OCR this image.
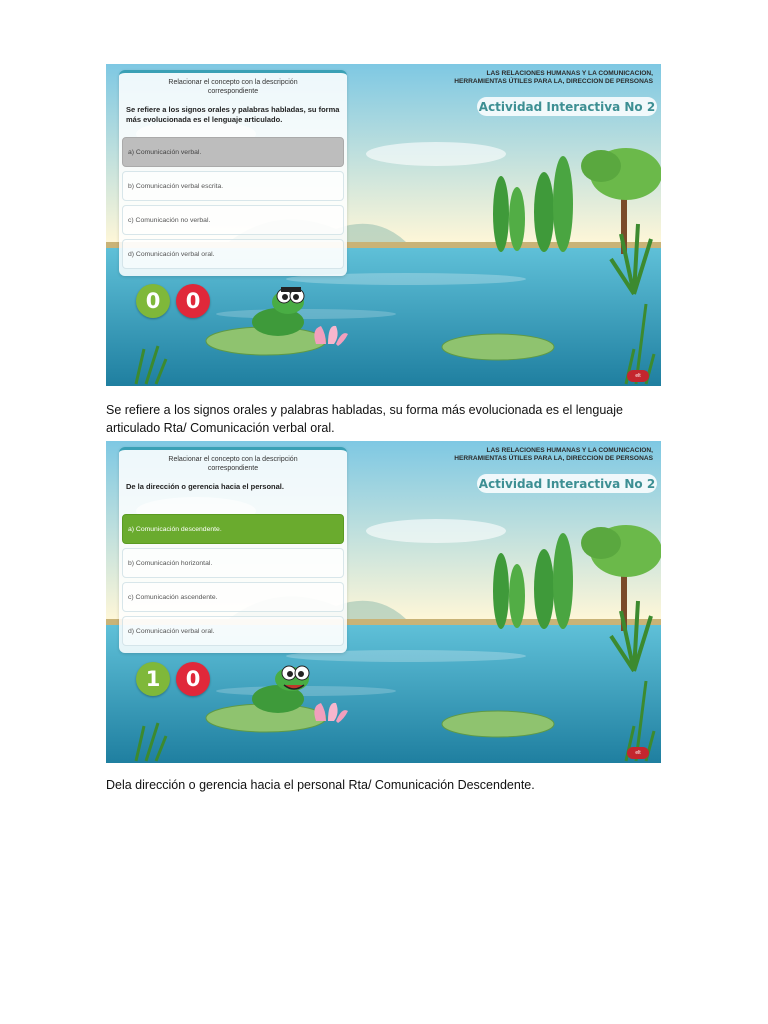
Relacionar el concepto con la descripción correspondiente
Se refiere a los signos orales y palabras habladas, su forma más evolucionada es el lenguaje articulado.
a) Comunicación verbal.
b) Comunicación verbal escrita.
c) Comunicación no verbal.
d) Comunicación verbal oral.
0	0
LAS RELACIONES HUMANAS Y LA COMUNICACION, HERRAMIENTAS ÚTILES PARA LA, DIRECCION DE PERSONAS
Actividad Interactiva No 2
elt
Se refiere a los signos orales y palabras habladas, su forma más evolucionada es el lenguaje articulado Rta/ Comunicación verbal oral.
Relacionar el concepto con la descripción correspondiente
De la dirección o gerencia hacia el personal.
a) Comunicación descendente.
b) Comunicación horizontal.
c) Comunicación ascendente.
d) Comunicación verbal oral.
1	0
LAS RELACIONES HUMANAS Y LA COMUNICACION, HERRAMIENTAS ÚTILES PARA LA, DIRECCION DE PERSONAS
Actividad Interactiva No 2
elt
Dela dirección o gerencia hacia el personal Rta/ Comunicación Descendente.
